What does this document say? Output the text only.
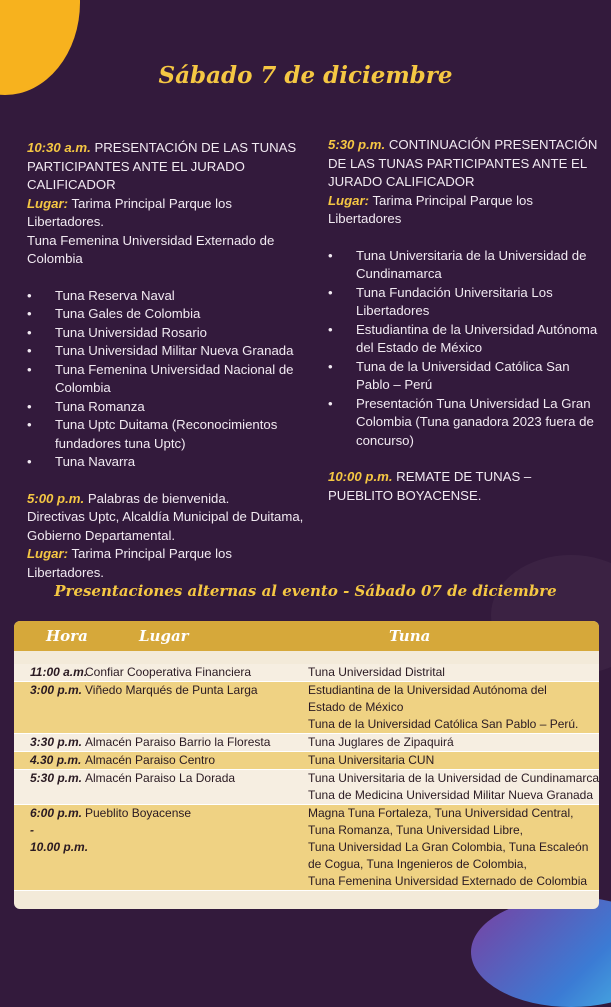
Sábado 7 de diciembre
10:30 a.m. PRESENTACIÓN DE LAS TUNAS PARTICIPANTES ANTE EL JURADO CALIFICADOR
Lugar: Tarima Principal Parque los Libertadores.
Tuna Femenina Universidad Externado de Colombia
• Tuna Reserva Naval
• Tuna Gales de Colombia
• Tuna Universidad Rosario
• Tuna Universidad Militar Nueva Granada
• Tuna Femenina Universidad Nacional de Colombia
• Tuna Romanza
• Tuna Uptc Duitama (Reconocimientos fundadores tuna Uptc)
• Tuna Navarra
5:00 p.m. Palabras de bienvenida.
Directivas Uptc, Alcaldía Municipal de Duitama, Gobierno Departamental.
Lugar: Tarima Principal Parque los Libertadores.
5:30 p.m. CONTINUACIÓN PRESENTACIÓN DE LAS TUNAS PARTICIPANTES ANTE EL JURADO CALIFICADOR
Lugar: Tarima Principal Parque los Libertadores
• Tuna Universitaria de la Universidad de Cundinamarca
• Tuna Fundación Universitaria Los Libertadores
• Estudiantina de la Universidad Autónoma del Estado de México
• Tuna de la Universidad Católica San Pablo – Perú
• Presentación Tuna Universidad La Gran Colombia (Tuna ganadora 2023 fuera de concurso)
10:00 p.m. REMATE DE TUNAS – PUEBLITO BOYACENSE.
Presentaciones alternas al evento - Sábado 07 de diciembre
Hora	Lugar	Tuna
11:00 a.m.
Confiar Cooperativa Financiera	Tuna Universidad Distrital
3:00 p.m. Viñedo Marqués de Punta Larga	Estudiantina de la Universidad Autónoma del
Estado de México
Tuna de la Universidad Católica San Pablo – Perú.
3:30 p.m. Almacén Paraiso Barrio la Floresta	Tuna Juglares de Zipaquirá
4.30 p.m. Almacén Paraiso Centro	Tuna Universitaria CUN
5:30 p.m. Almacén Paraiso La Dorada	Tuna Universitaria de la Universidad de Cundinamarca
Tuna de Medicina Universidad Militar Nueva Granada
6:00 p.m.
-
10.00 p.m.
Pueblito Boyacense	Magna Tuna Fortaleza, Tuna Universidad Central,
Tuna Romanza, Tuna Universidad Libre,
Tuna Universidad La Gran Colombia, Tuna Escaleón
de Cogua, Tuna Ingenieros de Colombia,
Tuna Femenina Universidad Externado de Colombia
